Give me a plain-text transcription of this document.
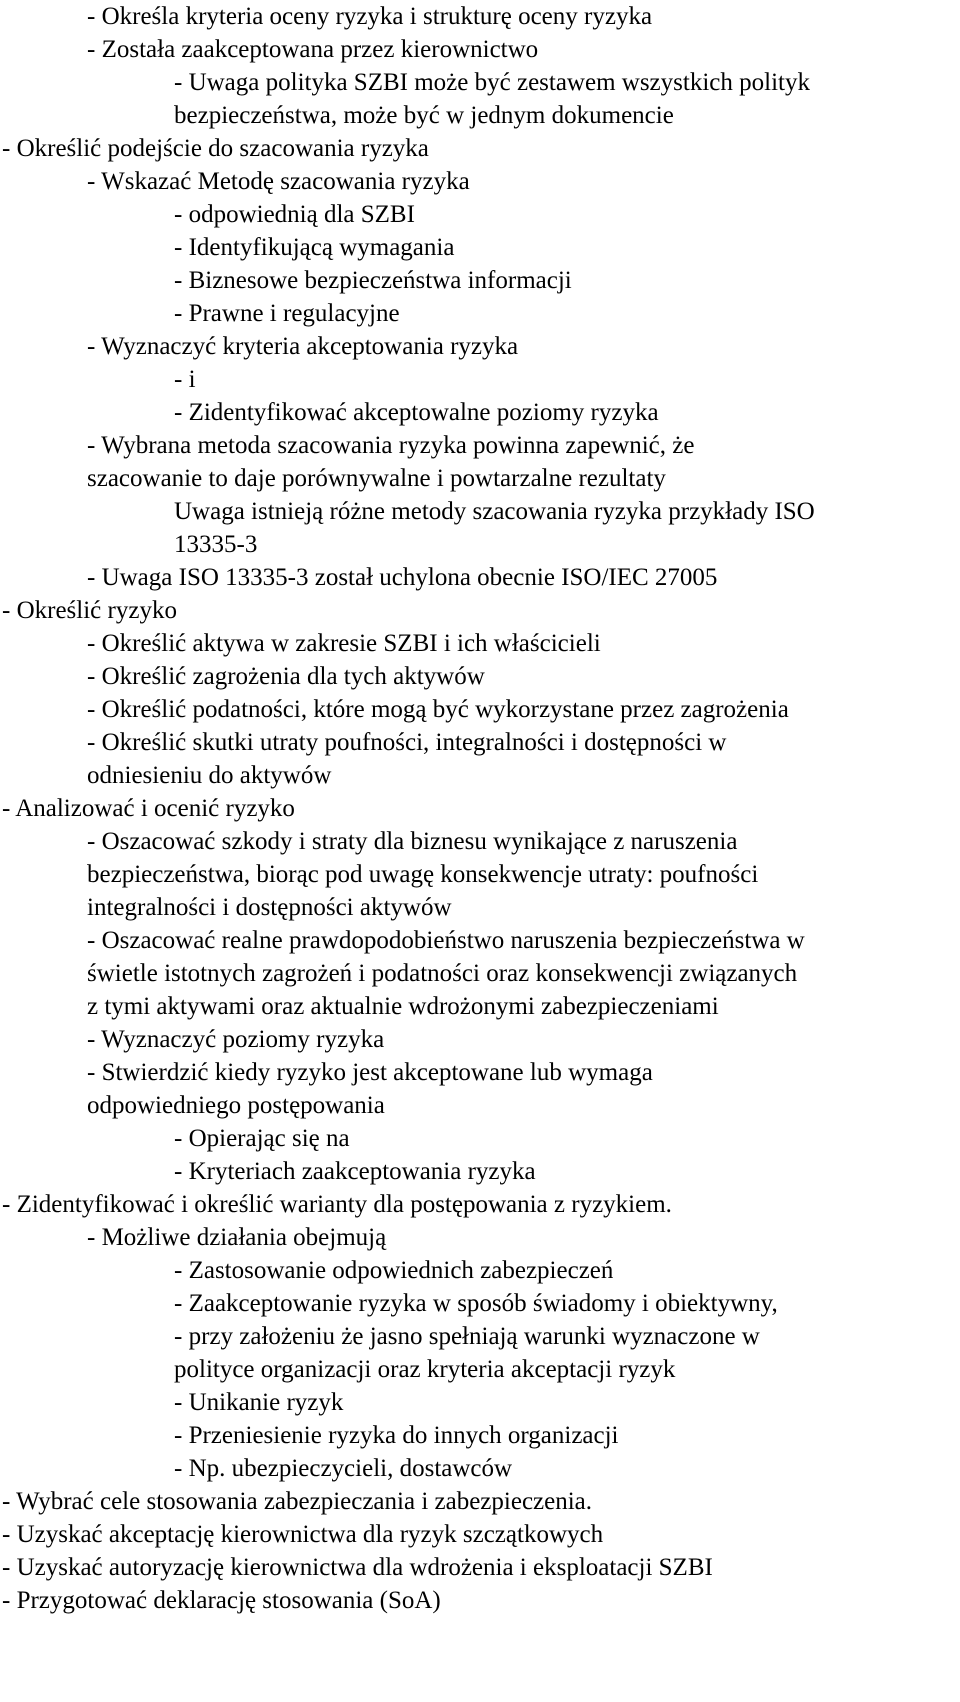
- Określa kryteria oceny ryzyka i strukturę oceny ryzyka
- Została zaakceptowana przez kierownictwo
- Uwaga polityka SZBI może być zestawem wszystkich polityk
bezpieczeństwa, może być w jednym dokumencie
- Określić podejście do szacowania ryzyka
- Wskazać Metodę szacowania ryzyka
- odpowiednią dla SZBI
- Identyfikującą wymagania
- Biznesowe bezpieczeństwa informacji
- Prawne i regulacyjne
- Wyznaczyć kryteria akceptowania ryzyka
- i
- Zidentyfikować akceptowalne poziomy ryzyka
- Wybrana metoda szacowania ryzyka powinna zapewnić, że
szacowanie to daje porównywalne i powtarzalne rezultaty
Uwaga istnieją różne metody szacowania ryzyka przykłady ISO
13335-3
- Uwaga ISO 13335-3 został uchylona obecnie ISO/IEC 27005
- Określić ryzyko
- Określić aktywa w zakresie SZBI i ich właścicieli
- Określić zagrożenia dla tych aktywów
- Określić podatności, które mogą być wykorzystane przez zagrożenia
- Określić skutki utraty poufności, integralności i dostępności w
odniesieniu do aktywów
- Analizować i ocenić ryzyko
- Oszacować szkody i straty dla biznesu wynikające z naruszenia
bezpieczeństwa, biorąc pod uwagę konsekwencje utraty: poufności
integralności i dostępności aktywów
- Oszacować realne prawdopodobieństwo naruszenia bezpieczeństwa w
świetle istotnych zagrożeń i podatności oraz konsekwencji związanych
z tymi aktywami oraz aktualnie wdrożonymi zabezpieczeniami
- Wyznaczyć poziomy ryzyka
- Stwierdzić kiedy ryzyko jest akceptowane lub wymaga
odpowiedniego postępowania
- Opierając się na
- Kryteriach zaakceptowania ryzyka
- Zidentyfikować i określić warianty dla postępowania z ryzykiem.
- Możliwe działania obejmują
- Zastosowanie odpowiednich zabezpieczeń
- Zaakceptowanie ryzyka w sposób świadomy i obiektywny,
- przy założeniu że jasno spełniają warunki wyznaczone w
polityce organizacji oraz kryteria akceptacji ryzyk
- Unikanie ryzyk
- Przeniesienie ryzyka do innych organizacji
- Np. ubezpieczycieli, dostawców
- Wybrać cele stosowania zabezpieczania i zabezpieczenia.
- Uzyskać akceptację kierownictwa dla ryzyk szczątkowych
- Uzyskać autoryzację kierownictwa dla wdrożenia i eksploatacji SZBI
- Przygotować deklarację stosowania (SoA)
